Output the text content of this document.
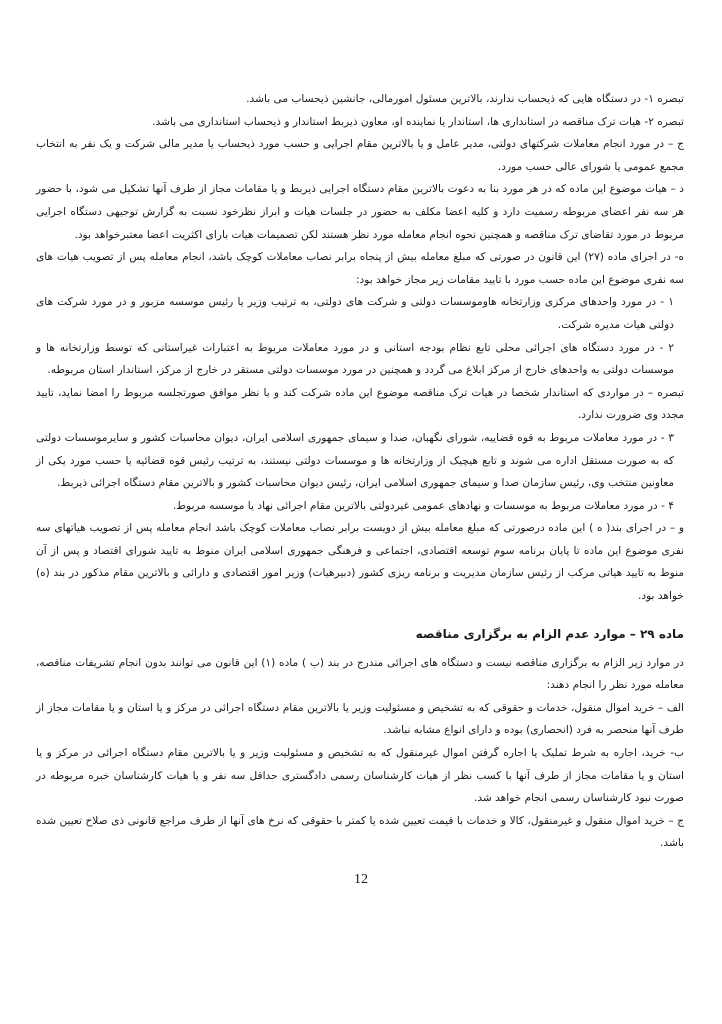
تبصره ۱- در دستگاه هایی که ذیحساب ندارند، بالاترین مسئول امورمالی، جانشین ذیحساب می باشد.

تبصره ۲- هیات ترک مناقصه در استانداری ها، استاندار یا نماینده او، معاون ذیربط استاندار و ذیحساب استانداری می باشد.

ج – در مورد انجام معاملات شرکتهای دولتی، مدیر عامل و یا بالاترین مقام اجرایی و حسب مورد ذیحساب یا مدیر مالی شرکت و یک نفر به انتخاب مجمع عمومی یا شورای عالی حسب مورد.

د – هیات موضوع این ماده که در هر مورد بنا به دعوت بالاترین مقام دستگاه اجرایی ذیربط و یا مقامات مجاز از طرف آنها تشکیل می شود، با حضور هر سه نفر اعضای مربوطه رسمیت دارد و کلیه اعضا مکلف به حضور در جلسات هیات و ابراز نظرخود نسبت به گزارش توجیهی دستگاه اجرایی مربوط در مورد تقاضای ترک مناقصه و همچنین نحوه انجام معامله مورد نظر هستند لکن تصمیمات هیات بارای اکثریت اعضا معتبرخواهد بود.

ه- در اجرای ماده (۲۷) این قانون در صورتی که مبلغ معامله بیش از پنجاه برابر نصاب معاملات کوچک باشد، انجام معامله پس از تصویب هیات های سه نفری موضوع این ماده حسب مورد با تایید مقامات زیر مجاز خواهد بود:

۱ - در مورد واحدهای مرکزی وزارتخانه هاوموسسات دولتی و شرکت های دولتی، به ترتیب وزیر یا رئیس موسسه مزبور و در مورد شرکت های دولتی هیات مدیره شرکت.

۲ - در مورد دستگاه های اجرائی محلی تابع نظام بودجه استانی و در مورد معاملات مربوط به اعتبارات غیراستانی که توسط وزارتخانه ها و موسسات دولتی به واحدهای خارج از مرکز ابلاغ می گردد و همچنین در مورد موسسات دولتی مستقر در خارج از مرکز، استاندار استان مربوطه.

تبصره – در مواردی که استاندار شخصا در هیات ترک مناقصه موضوع این ماده شرکت کند و با نظر موافق صورتجلسه مربوط را امضا نماید، تایید مجدد وی ضرورت ندارد.

۳ - در مورد معاملات مربوط به قوه قضاییه، شورای نگهبان، صدا و سیمای جمهوری اسلامی ایران، دیوان محاسبات کشور و سایرموسسات دولتی که به صورت مستقل اداره می شوند و تابع هیچیک از وزارتخانه ها و موسسات دولتی نیستند، به ترتیب رئیس قوه قضائیه یا حسب مورد یکی از معاونین منتخب وی، رئیس سازمان صدا و سیمای جمهوری اسلامی ایران، رئیس دیوان محاسبات کشور و بالاترین مقام دستگاه اجرائی ذیربط.

۴ - در مورد معاملات مربوط به موسسات و نهادهای عمومی غیردولتی بالاترین مقام اجرائی نهاد یا موسسه مربوط.

و – در اجرای بند( ه ) این ماده درصورتی که مبلغ معامله بیش از دویست برابر نصاب معاملات کوچک باشد انجام معامله پس از تصویب هیاتهای سه نفری موضوع این ماده تا پایان برنامه سوم توسعه اقتصادی، اجتماعی و فرهنگی جمهوری اسلامی ایران منوط به تایید شورای اقتصاد و پس از آن منوط به تایید هیاتی مرکب از رئیس سازمان مدیریت و برنامه ریزی کشور (دبیرهیات) وزیر امور اقتصادی و دارائی و بالاترین مقام مذکور در بند (ه) خواهد بود.

ماده ۲۹ – موارد عدم الزام به برگزاری مناقصه

در موارد زیر الزام به برگزاری مناقصه نیست و دستگاه های اجرائی مندرج در بند (ب ) ماده (۱) این قانون می توانند بدون انجام تشریفات مناقصه، معامله مورد نظر را انجام دهند:

الف – خرید اموال منقول، خدمات و حقوقی که به تشخیص و مسئولیت وزیر یا بالاترین مقام دستگاه اجرائی در مرکز و یا استان و یا مقامات مجاز از طرف آنها منحصر به فرد (انحصاری) بوده و دارای انواع مشابه نباشد.

ب- خرید، اجاره به شرط تملیک یا اجاره گرفتن اموال غیرمنقول که به تشخیص و مسئولیت وزیر و یا بالاترین مقام دستگاه اجرائی در مرکز و یا استان و یا مقامات مجاز از طرف آنها با کسب نظر از هیات کارشناسان رسمی دادگستری حداقل سه نفر و یا هیات کارشناسان خبره مربوطه در صورت نبود کارشناسان رسمی انجام خواهد شد.

ج – خرید اموال منقول و غیرمنقول، کالا و خدمات با قیمت تعیین شده یا کمتر با حقوقی که نرخ های آنها از طرف مراجع قانونی ذی صلاح تعیین شده باشد.

12
